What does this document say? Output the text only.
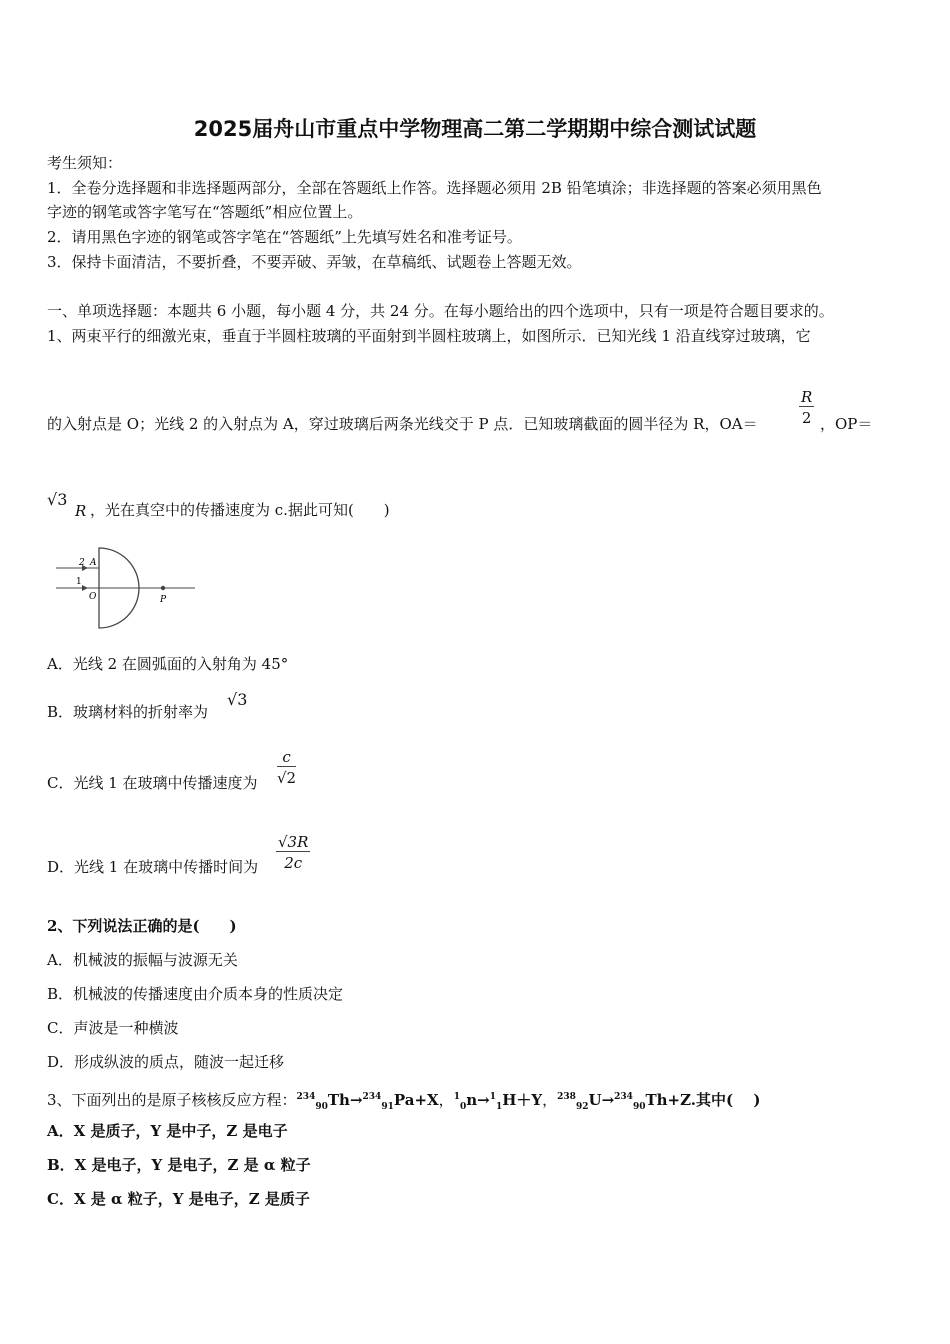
2025届舟山市重点中学物理高二第二学期期中综合测试试题
考生须知：
1．全卷分选择题和非选择题两部分，全部在答题纸上作答。选择题必须用 2B 铅笔填涂；非选择题的答案必须用黑色
字迹的钢笔或答字笔写在“答题纸”相应位置上。
2．请用黑色字迹的钢笔或答字笔在“答题纸”上先填写姓名和准考证号。
3．保持卡面清洁，不要折叠，不要弄破、弄皱，在草稿纸、试题卷上答题无效。
一、单项选择题：本题共 6 小题，每小题 4 分，共 24 分。在每小题给出的四个选项中，只有一项是符合题目要求的。
1、两束平行的细激光束，垂直于半圆柱玻璃的平面射到半圆柱玻璃上，如图所示．已知光线 1 沿直线穿过玻璃，它
的入射点是 O；光线 2 的入射点为 A，穿过玻璃后两条光线交于 P 点．已知玻璃截面的圆半径为 R，OA＝	$\frac{R}{2}$ ，OP＝
√3
R ，光在真空中的传播速度为 c.据此可知(　　)
2 A
1
O	P
A．光线 2 在圆弧面的入射角为 45°
B．玻璃材料的折射率为
√3
C．光线 1 在玻璃中传播速度为 $\frac{c}{√2}$
D．光线 1 在玻璃中传播时间为 $\frac{√3R}{2c}$
2、下列说法正确的是(　　)
A．机械波的振幅与波源无关
B．机械波的传播速度由介质本身的性质决定
C．声波是一种横波
D．形成纵波的质点，随波一起迁移
3、下面列出的是原子核核反应方程：$^{234}_{90}$Th→$^{234}_{91}$Pa+X，$^1_0$n→$^1_1$H＋Y，$^{238}_{92}$U→$^{234}_{90}$Th+Z.其中(　 )
A．X 是质子，Y 是中子，Z 是电子
B．X 是电子，Y 是电子，Z 是 α 粒子
C．X 是 α 粒子，Y 是电子，Z 是质子
